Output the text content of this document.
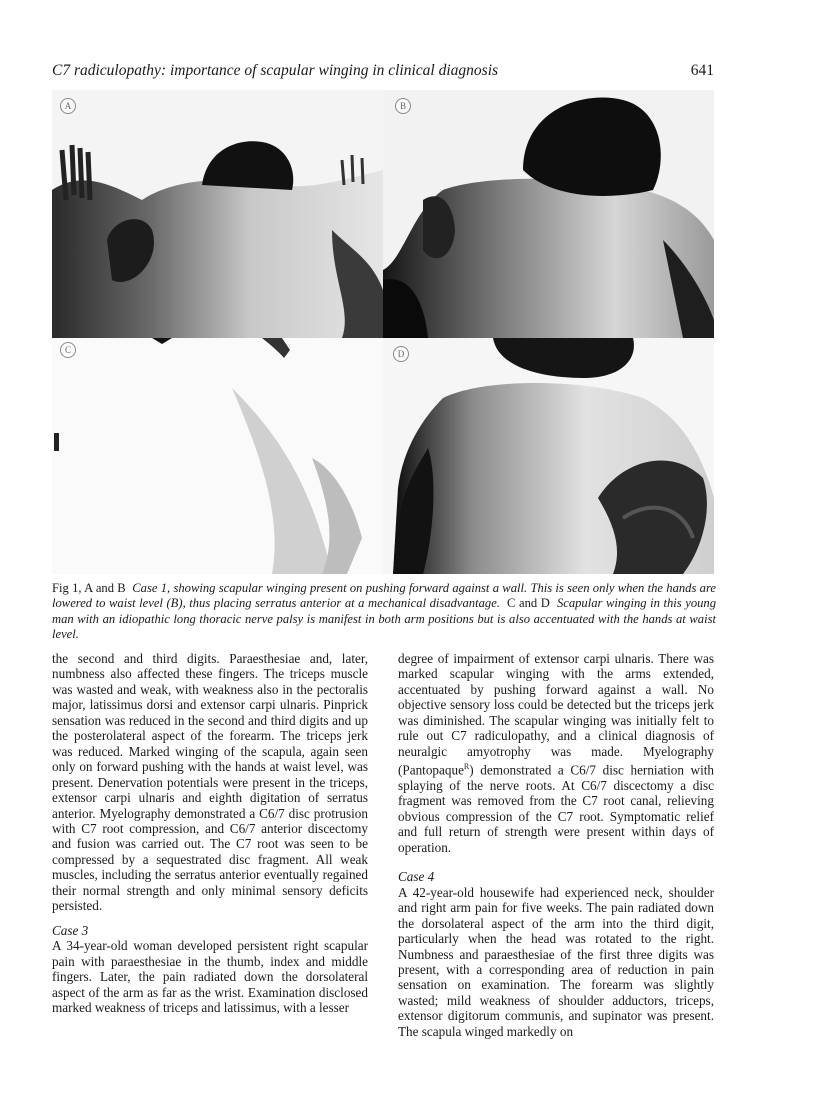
C7 radiculopathy: importance of scapular winging in clinical diagnosis	641
A	B
C	D
Fig 1, A and B Case 1, showing scapular winging present on pushing forward against a wall. This is seen only when the hands are lowered to waist level (B), thus placing serratus anterior at a mechanical disadvantage. C and D Scapular winging in this young man with an idiopathic long thoracic nerve palsy is manifest in both arm positions but is also accentuated with the hands at waist level.

the second and third digits. Paraesthesiae and, later, numbness also affected these fingers. The triceps muscle was wasted and weak, with weakness also in the pectoralis major, latissimus dorsi and extensor carpi ulnaris. Pinprick sensation was reduced in the second and third digits and up the posterolateral aspect of the forearm. The triceps jerk was reduced. Marked winging of the scapula, again seen only on forward pushing with the hands at waist level, was present. Denervation potentials were present in the triceps, extensor carpi ulnaris and eighth digitation of serratus anterior. Myelography demonstrated a C6/7 disc protrusion with C7 root compression, and C6/7 anterior discectomy and fusion was carried out. The C7 root was seen to be compressed by a sequestrated disc fragment. All weak muscles, including the serratus anterior eventually regained their normal strength and only minimal sensory deficits persisted.

Case 3

A 34-year-old woman developed persistent right scapular pain with paraesthesiae in the thumb, index and middle fingers. Later, the pain radiated down the dorsolateral aspect of the arm as far as the wrist. Examination disclosed marked weakness of triceps and latissimus, with a lesser

degree of impairment of extensor carpi ulnaris. There was marked scapular winging with the arms extended, accentuated by pushing forward against a wall. No objective sensory loss could be detected but the triceps jerk was diminished. The scapular winging was initially felt to rule out C7 radiculopathy, and a clinical diagnosis of neuralgic amyotrophy was made. Myelography (Pantopaque$^R$) demonstrated a C6/7 disc herniation with splaying of the nerve roots. At C6/7 discectomy a disc fragment was removed from the C7 root canal, relieving obvious compression of the C7 root. Symptomatic relief and full return of strength were present within days of operation.

Case 4

A 42-year-old housewife had experienced neck, shoulder and right arm pain for five weeks. The pain radiated down the dorsolateral aspect of the arm into the third digit, particularly when the head was rotated to the right. Numbness and paraesthesiae of the first three digits was present, with a corresponding area of reduction in pain sensation on examination. The forearm was slightly wasted; mild weakness of shoulder adductors, triceps, extensor digitorum communis, and supinator was present. The scapula winged markedly on
